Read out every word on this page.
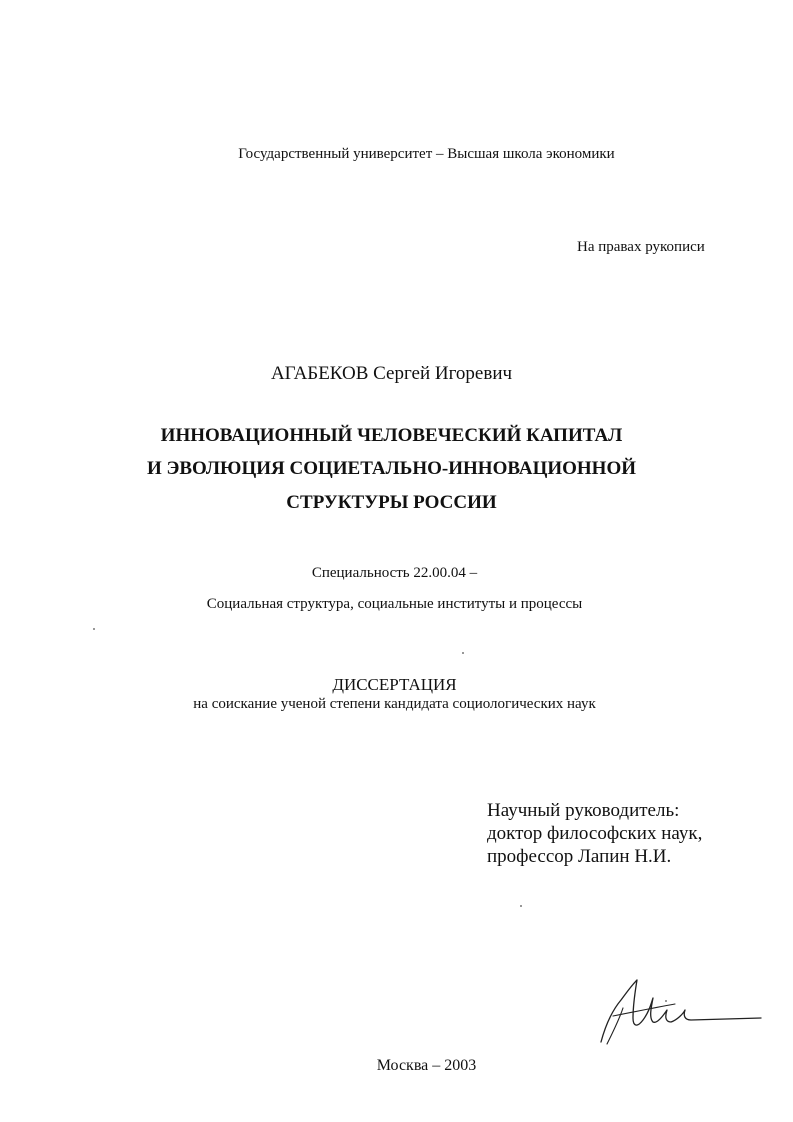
Государственный университет – Высшая школа экономики
На правах рукописи
АГАБЕКОВ Сергей Игоревич
ИННОВАЦИОННЫЙ ЧЕЛОВЕЧЕСКИЙ КАПИТАЛ
И ЭВОЛЮЦИЯ СОЦИЕТАЛЬНО-ИННОВАЦИОННОЙ
СТРУКТУРЫ РОССИИ
Специальность 22.00.04 –
Социальная структура, социальные институты и процессы
ДИССЕРТАЦИЯ
на соискание ученой степени кандидата социологических наук
Научный руководитель:
доктор философских наук,
профессор Лапин Н.И.
Москва – 2003
